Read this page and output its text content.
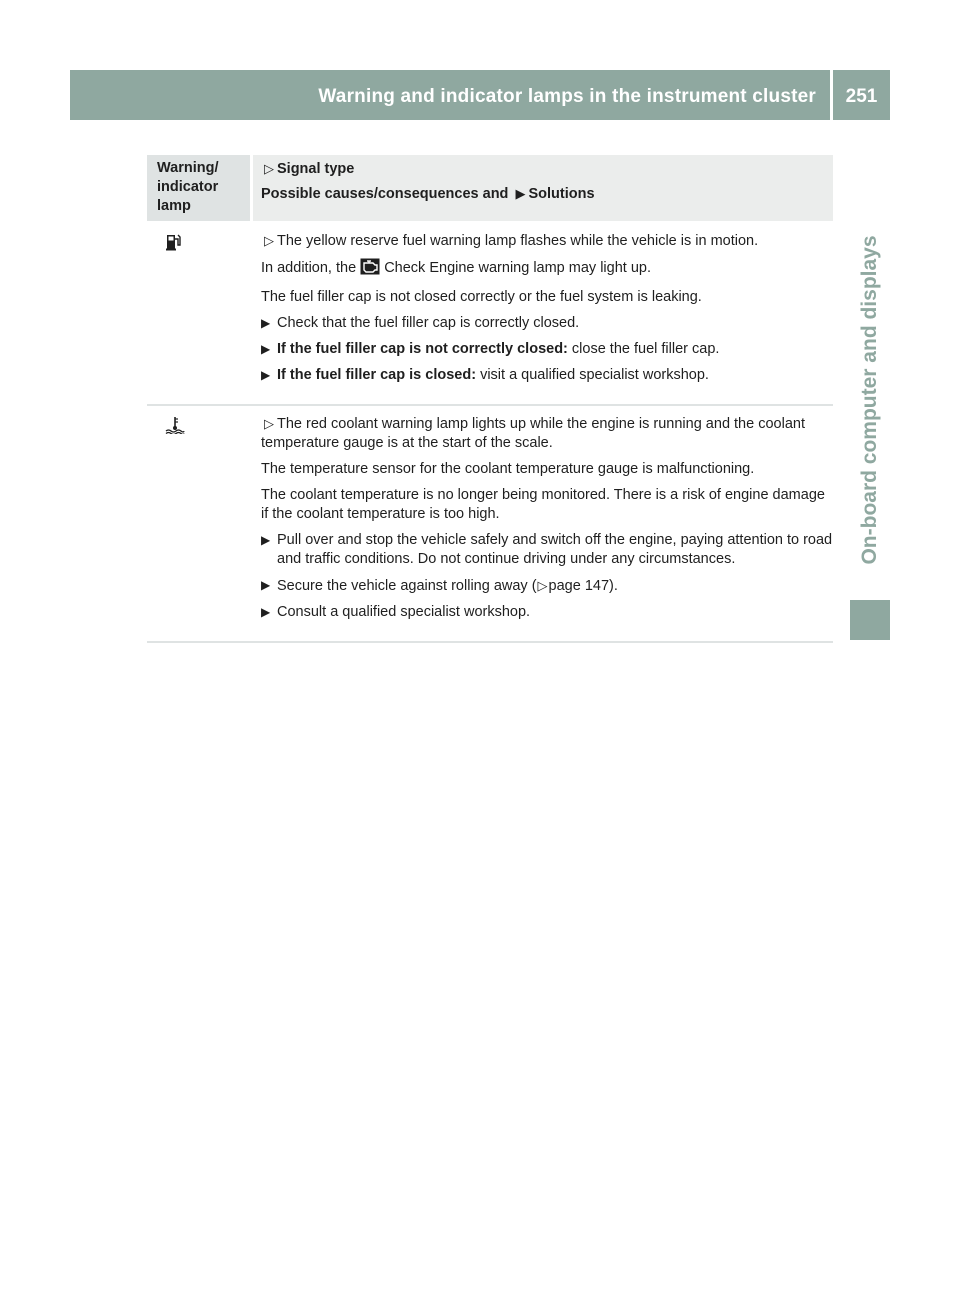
Warning and indicator lamps in the instrument cluster	251
On-board computer and displays
Warning/
indicator
lamp
▷ Signal type
Possible causes/consequences and ▶ Solutions
▷ The yellow reserve fuel warning lamp flashes while the vehicle is in motion.
In addition, the Check Engine warning lamp may light up.
The fuel filler cap is not closed correctly or the fuel system is leaking.
▶ Check that the fuel filler cap is correctly closed.
▶ If the fuel filler cap is not correctly closed: close the fuel filler cap.
▶ If the fuel filler cap is closed: visit a qualified specialist workshop.
▷ The red coolant warning lamp lights up while the engine is running and the coolant temperature gauge is at the start of the scale.
The temperature sensor for the coolant temperature gauge is malfunctioning.
The coolant temperature is no longer being monitored. There is a risk of engine damage if the coolant temperature is too high.
▶ Pull over and stop the vehicle safely and switch off the engine, paying attention to road and traffic conditions. Do not continue driving under any circumstances.
▶ Secure the vehicle against rolling away (▷page 147).
▶ Consult a qualified specialist workshop.
